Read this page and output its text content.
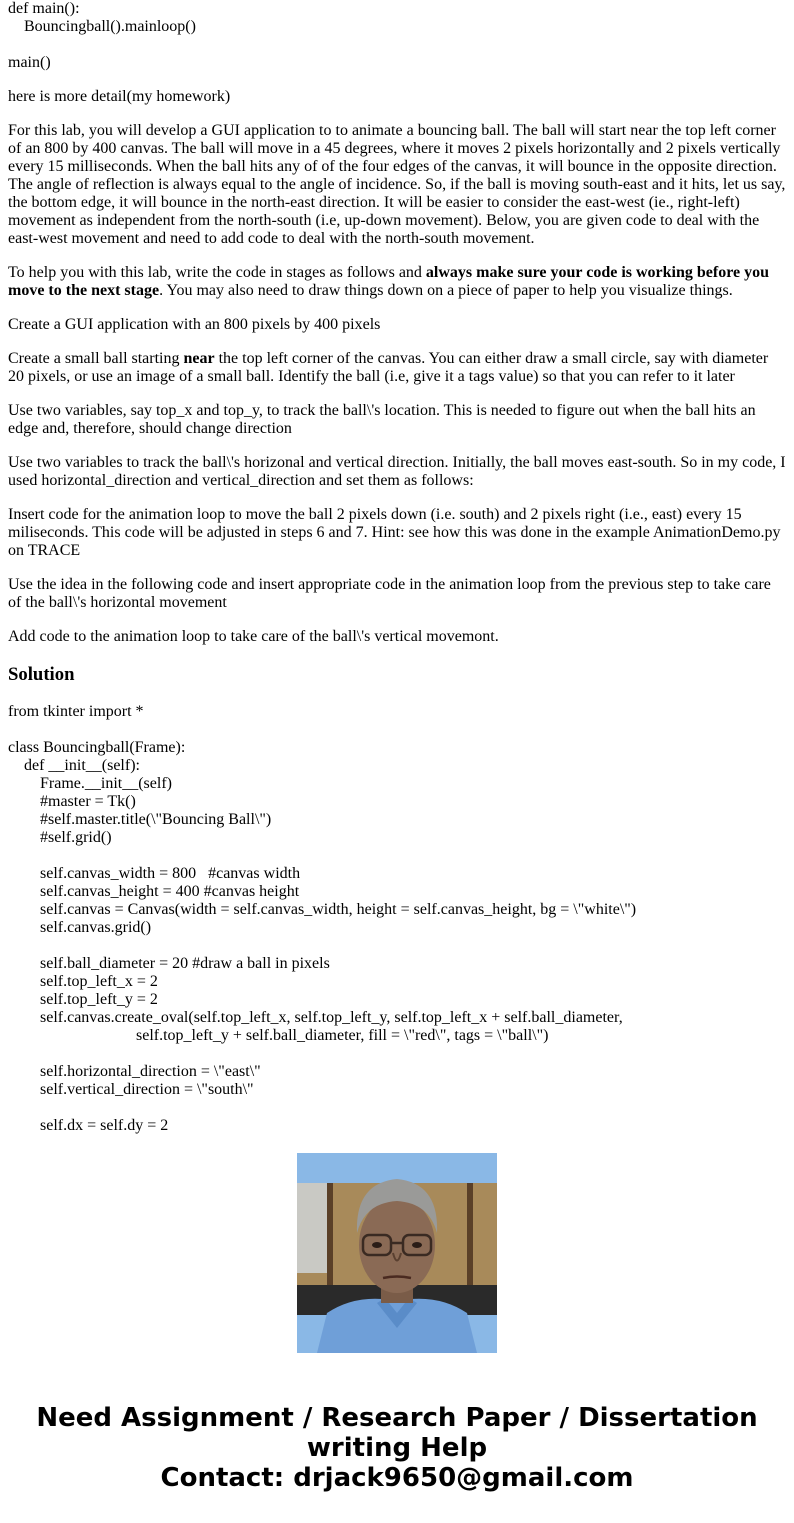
def main():
Bouncingball().mainloop()
main()

here is more detail(my homework)

For this lab, you will develop a GUI application to to animate a bouncing ball. The ball will start near the top left corner of an 800 by 400 canvas. The ball will move in a 45 degrees, where it moves 2 pixels horizontally and 2 pixels vertically every 15 milliseconds. When the ball hits any of of the four edges of the canvas, it will bounce in the opposite direction. The angle of reflection is always equal to the angle of incidence. So, if the ball is moving south-east and it hits, let us say, the bottom edge, it will bounce in the north-east direction. It will be easier to consider the east-west (ie., right-left) movement as independent from the north-south (i.e, up-down movement). Below, you are given code to deal with the east-west movement and need to add code to deal with the north-south movement.

To help you with this lab, write the code in stages as follows and always make sure your code is working before you move to the next stage. You may also need to draw things down on a piece of paper to help you visualize things.

Create a GUI application with an 800 pixels by 400 pixels

Create a small ball starting near the top left corner of the canvas. You can either draw a small circle, say with diameter 20 pixels, or use an image of a small ball. Identify the ball (i.e, give it a tags value) so that you can refer to it later

Use two variables, say top_x and top_y, to track the ball\'s location. This is needed to figure out when the ball hits an edge and, therefore, should change direction

Use two variables to track the ball\'s horizonal and vertical direction. Initially, the ball moves east-south. So in my code, I used horizontal_direction and vertical_direction and set them as follows:

Insert code for the animation loop to move the ball 2 pixels down (i.e. south) and 2 pixels right (i.e., east) every 15 miliseconds. This code will be adjusted in steps 6 and 7. Hint: see how this was done in the example AnimationDemo.py on TRACE

Use the idea in the following code and insert appropriate code in the animation loop from the previous step to take care of the ball\'s horizontal movement

Add code to the animation loop to take care of the ball\'s vertical movemont.

Solution
from tkinter import *
class Bouncingball(Frame):
def __init__(self):
Frame.__init__(self)
#master = Tk()
#self.master.title(\"Bouncing Ball\")
#self.grid()
self.canvas_width = 800   #canvas width
self.canvas_height = 400 #canvas height
self.canvas = Canvas(width = self.canvas_width, height = self.canvas_height, bg = \"white\")
self.canvas.grid()
self.ball_diameter = 20 #draw a ball in pixels
self.top_left_x = 2
self.top_left_y = 2
self.canvas.create_oval(self.top_left_x, self.top_left_y, self.top_left_x + self.ball_diameter,
self.top_left_y + self.ball_diameter, fill = \"red\", tags = \"ball\")
self.horizontal_direction = \"east\"
self.vertical_direction = \"south\"
self.dx = self.dy = 2
Need Assignment / Research Paper / Dissertation
writing Help
Contact: drjack9650@gmail.com
